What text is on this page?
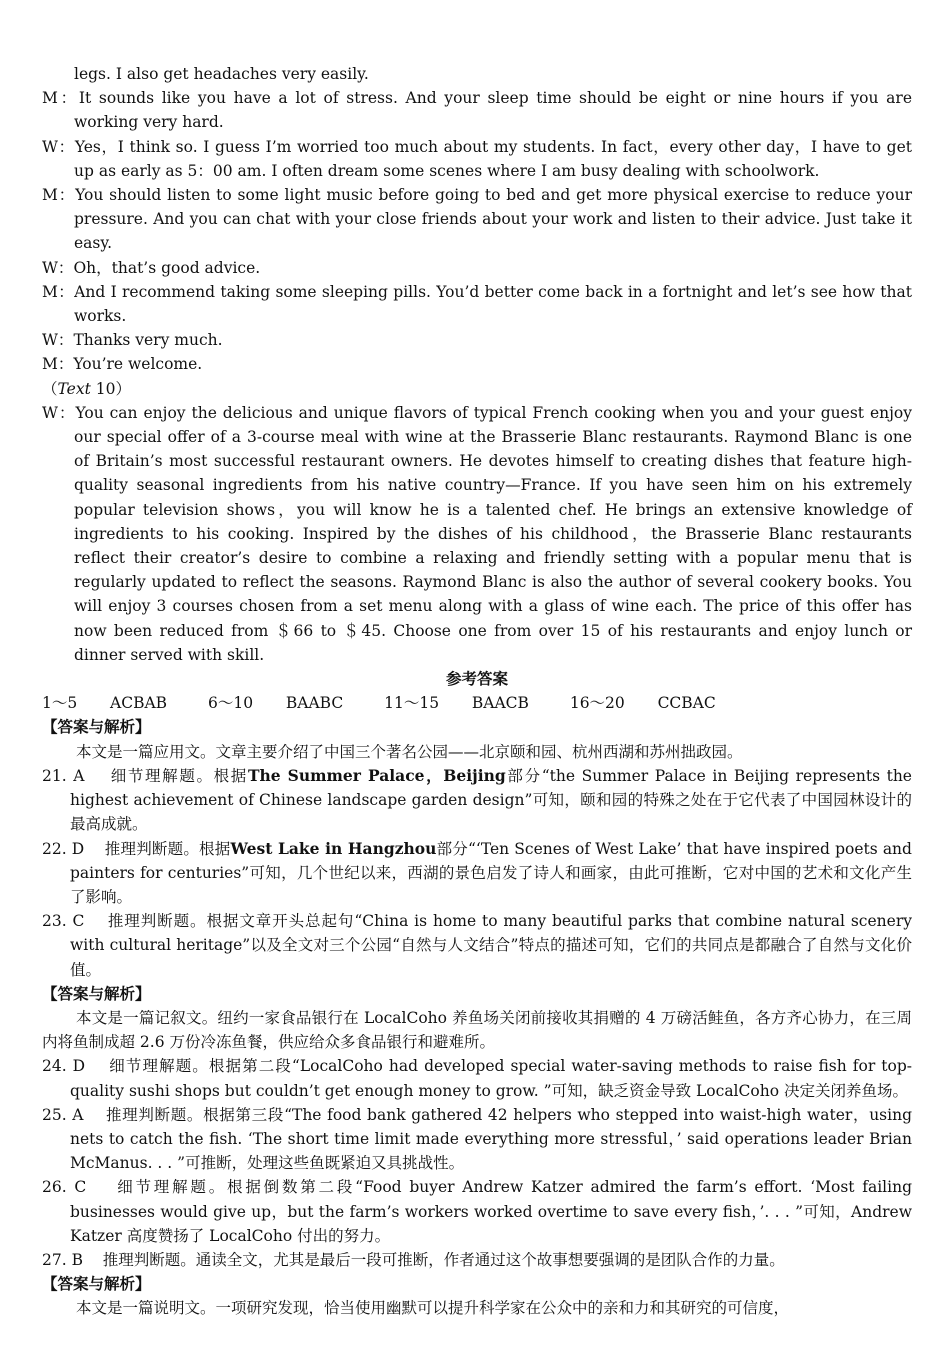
legs. I also get headaches very easily.
M：It sounds like you have a lot of stress. And your sleep time should be eight or nine hours if you are working very hard.
W：Yes，I think so. I guess I’m worried too much about my students. In fact，every other day，I have to get up as early as 5：00 am. I often dream some scenes where I am busy dealing with schoolwork.
M：You should listen to some light music before going to bed and get more physical exercise to reduce your pressure. And you can chat with your close friends about your work and listen to their advice. Just take it easy.
W：Oh，that’s good advice.
M：And I recommend taking some sleeping pills. You’d better come back in a fortnight and let’s see how that works.
W：Thanks very much.
M：You’re welcome.
（Text 10）
W：You can enjoy the delicious and unique flavors of typical French cooking when you and your guest enjoy our special offer of a 3-course meal with wine at the Brasserie Blanc restaurants. Raymond Blanc is one of Britain’s most successful restaurant owners. He devotes himself to creating dishes that feature high-quality seasonal ingredients from his native country—France. If you have seen him on his extremely popular television shows，you will know he is a talented chef. He brings an extensive knowledge of ingredients to his cooking. Inspired by the dishes of his childhood，the Brasserie Blanc restaurants reflect their creator’s desire to combine a relaxing and friendly setting with a popular menu that is regularly updated to reflect the seasons. Raymond Blanc is also the author of several cookery books. You will enjoy 3 courses chosen from a set menu along with a glass of wine each. The price of this offer has now been reduced from ＄66 to ＄45. Choose one from over 15 of his restaurants and enjoy lunch or dinner served with skill.
参考答案
1～5 ACBAB	6～10 BAABC	11～15 BAACB	16～20 CCBAC
【答案与解析】
本文是一篇应用文。文章主要介绍了中国三个著名公园——北京颐和园、杭州西湖和苏州拙政园。
21. A 细节理解题。根据The Summer Palace，Beijing部分“the Summer Palace in Beijing represents the highest achievement of Chinese landscape garden design”可知，颐和园的特殊之处在于它代表了中国园林设计的最高成就。
22. D 推理判断题。根据West Lake in Hangzhou部分“‘Ten Scenes of West Lake’ that have inspired poets and painters for centuries”可知，几个世纪以来，西湖的景色启发了诗人和画家，由此可推断，它对中国的艺术和文化产生了影响。
23. C 推理判断题。根据文章开头总起句“China is home to many beautiful parks that combine natural scenery with cultural heritage”以及全文对三个公园“自然与人文结合”特点的描述可知，它们的共同点是都融合了自然与文化价值。
【答案与解析】
本文是一篇记叙文。纽约一家食品银行在 LocalCoho 养鱼场关闭前接收其捐赠的 4 万磅活鲑鱼，各方齐心协力，在三周内将鱼制成超 2.6 万份冷冻鱼餐，供应给众多食品银行和避难所。
24. D 细节理解题。根据第二段“LocalCoho had developed special water-saving methods to raise fish for top-quality sushi shops but couldn’t get enough money to grow. ”可知，缺乏资金导致 LocalCoho 决定关闭养鱼场。
25. A 推理判断题。根据第三段“The food bank gathered 42 helpers who stepped into waist-high water，using nets to catch the fish. ‘The short time limit made everything more stressful，’ said operations leader Brian McManus. . . ”可推断，处理这些鱼既紧迫又具挑战性。
26. C 细节理解题。根据倒数第二段“Food buyer Andrew Katzer admired the farm’s effort. ‘Most failing businesses would give up，but the farm’s workers worked overtime to save every fish，’. . . ”可知，Andrew Katzer 高度赞扬了 LocalCoho 付出的努力。
27. B 推理判断题。通读全文，尤其是最后一段可推断，作者通过这个故事想要强调的是团队合作的力量。
【答案与解析】
本文是一篇说明文。一项研究发现，恰当使用幽默可以提升科学家在公众中的亲和力和其研究的可信度，
